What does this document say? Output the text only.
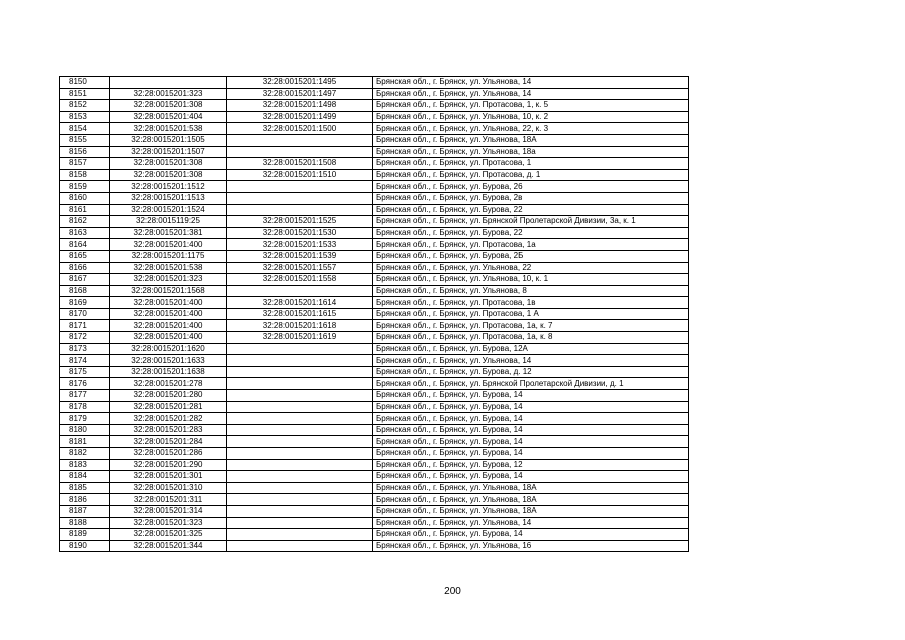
8150		32:28:0015201:1495	Брянская обл., г. Брянск, ул. Ульянова, 14
8151	32:28:0015201:323	32:28:0015201:1497	Брянская обл., г. Брянск, ул. Ульянова, 14
8152	32:28:0015201:308	32:28:0015201:1498	Брянская обл., г. Брянск, ул. Протасова, 1, к. 5
8153	32:28:0015201:404	32:28:0015201:1499	Брянская обл., г. Брянск, ул. Ульянова, 10, к. 2
8154	32:28:0015201:538	32:28:0015201:1500	Брянская обл., г. Брянск, ул. Ульянова, 22, к. 3
8155	32:28:0015201:1505		Брянская обл., г. Брянск, ул. Ульянова, 18А
8156	32:28:0015201:1507		Брянская обл., г. Брянск, ул. Ульянова, 18а
8157	32:28:0015201:308	32:28:0015201:1508	Брянская обл., г. Брянск, ул. Протасова, 1
8158	32:28:0015201:308	32:28:0015201:1510	Брянская обл., г. Брянск, ул. Протасова, д. 1
8159	32:28:0015201:1512		Брянская обл., г. Брянск, ул. Бурова, 26
8160	32:28:0015201:1513		Брянская обл., г. Брянск, ул. Бурова, 2в
8161	32:28:0015201:1524		Брянская обл., г. Брянск, ул. Бурова, 22
8162	32:28:0015119:25	32:28:0015201:1525	Брянская обл., г. Брянск, ул. Брянской Пролетарской Дивизии, 3а, к. 1
8163	32:28:0015201:381	32:28:0015201:1530	Брянская обл., г. Брянск, ул. Бурова, 22
8164	32:28:0015201:400	32:28:0015201:1533	Брянская обл., г. Брянск, ул. Протасова, 1а
8165	32:28:0015201:1175	32:28:0015201:1539	Брянская обл., г. Брянск, ул. Бурова, 2Б
8166	32:28:0015201:538	32:28:0015201:1557	Брянская обл., г. Брянск, ул. Ульянова, 22
8167	32:28:0015201:323	32:28:0015201:1558	Брянская обл., г. Брянск, ул. Ульянова, 10, к. 1
8168	32:28:0015201:1568		Брянская обл., г. Брянск, ул. Ульянова, 8
8169	32:28:0015201:400	32:28:0015201:1614	Брянская обл., г. Брянск, ул. Протасова, 1в
8170	32:28:0015201:400	32:28:0015201:1615	Брянская обл., г. Брянск, ул. Протасова, 1 А
8171	32:28:0015201:400	32:28:0015201:1618	Брянская обл., г. Брянск, ул. Протасова, 1а, к. 7
8172	32:28:0015201:400	32:28:0015201:1619	Брянская обл., г. Брянск, ул. Протасова, 1а, к. 8
8173	32:28:0015201:1620		Брянская обл., г. Брянск, ул. Бурова, 12А
8174	32:28:0015201:1633		Брянская обл., г. Брянск, ул. Ульянова, 14
8175	32:28:0015201:1638		Брянская обл., г. Брянск, ул. Бурова, д. 12
8176	32:28:0015201:278		Брянская обл., г. Брянск, ул. Брянской Пролетарской Дивизии, д. 1
8177	32:28:0015201:280		Брянская обл., г. Брянск, ул. Бурова, 14
8178	32:28:0015201:281		Брянская обл., г. Брянск, ул. Бурова, 14
8179	32:28:0015201:282		Брянская обл., г. Брянск, ул. Бурова, 14
8180	32:28:0015201:283		Брянская обл., г. Брянск, ул. Бурова, 14
8181	32:28:0015201:284		Брянская обл., г. Брянск, ул. Бурова, 14
8182	32:28:0015201:286		Брянская обл., г. Брянск, ул. Бурова, 14
8183	32:28:0015201:290		Брянская обл., г. Брянск, ул. Бурова, 12
8184	32:28:0015201:301		Брянская обл., г. Брянск, ул. Бурова, 14
8185	32:28:0015201:310		Брянская обл., г. Брянск, ул. Ульянова, 18А
8186	32:28:0015201:311		Брянская обл., г. Брянск, ул. Ульянова, 18А
8187	32:28:0015201:314		Брянская обл., г. Брянск, ул. Ульянова, 18А
8188	32:28:0015201:323		Брянская обл., г. Брянск, ул. Ульянова, 14
8189	32:28:0015201:325		Брянская обл., г. Брянск, ул. Бурова, 14
8190	32:28:0015201:344		Брянская обл., г. Брянск, ул. Ульянова, 16
200
